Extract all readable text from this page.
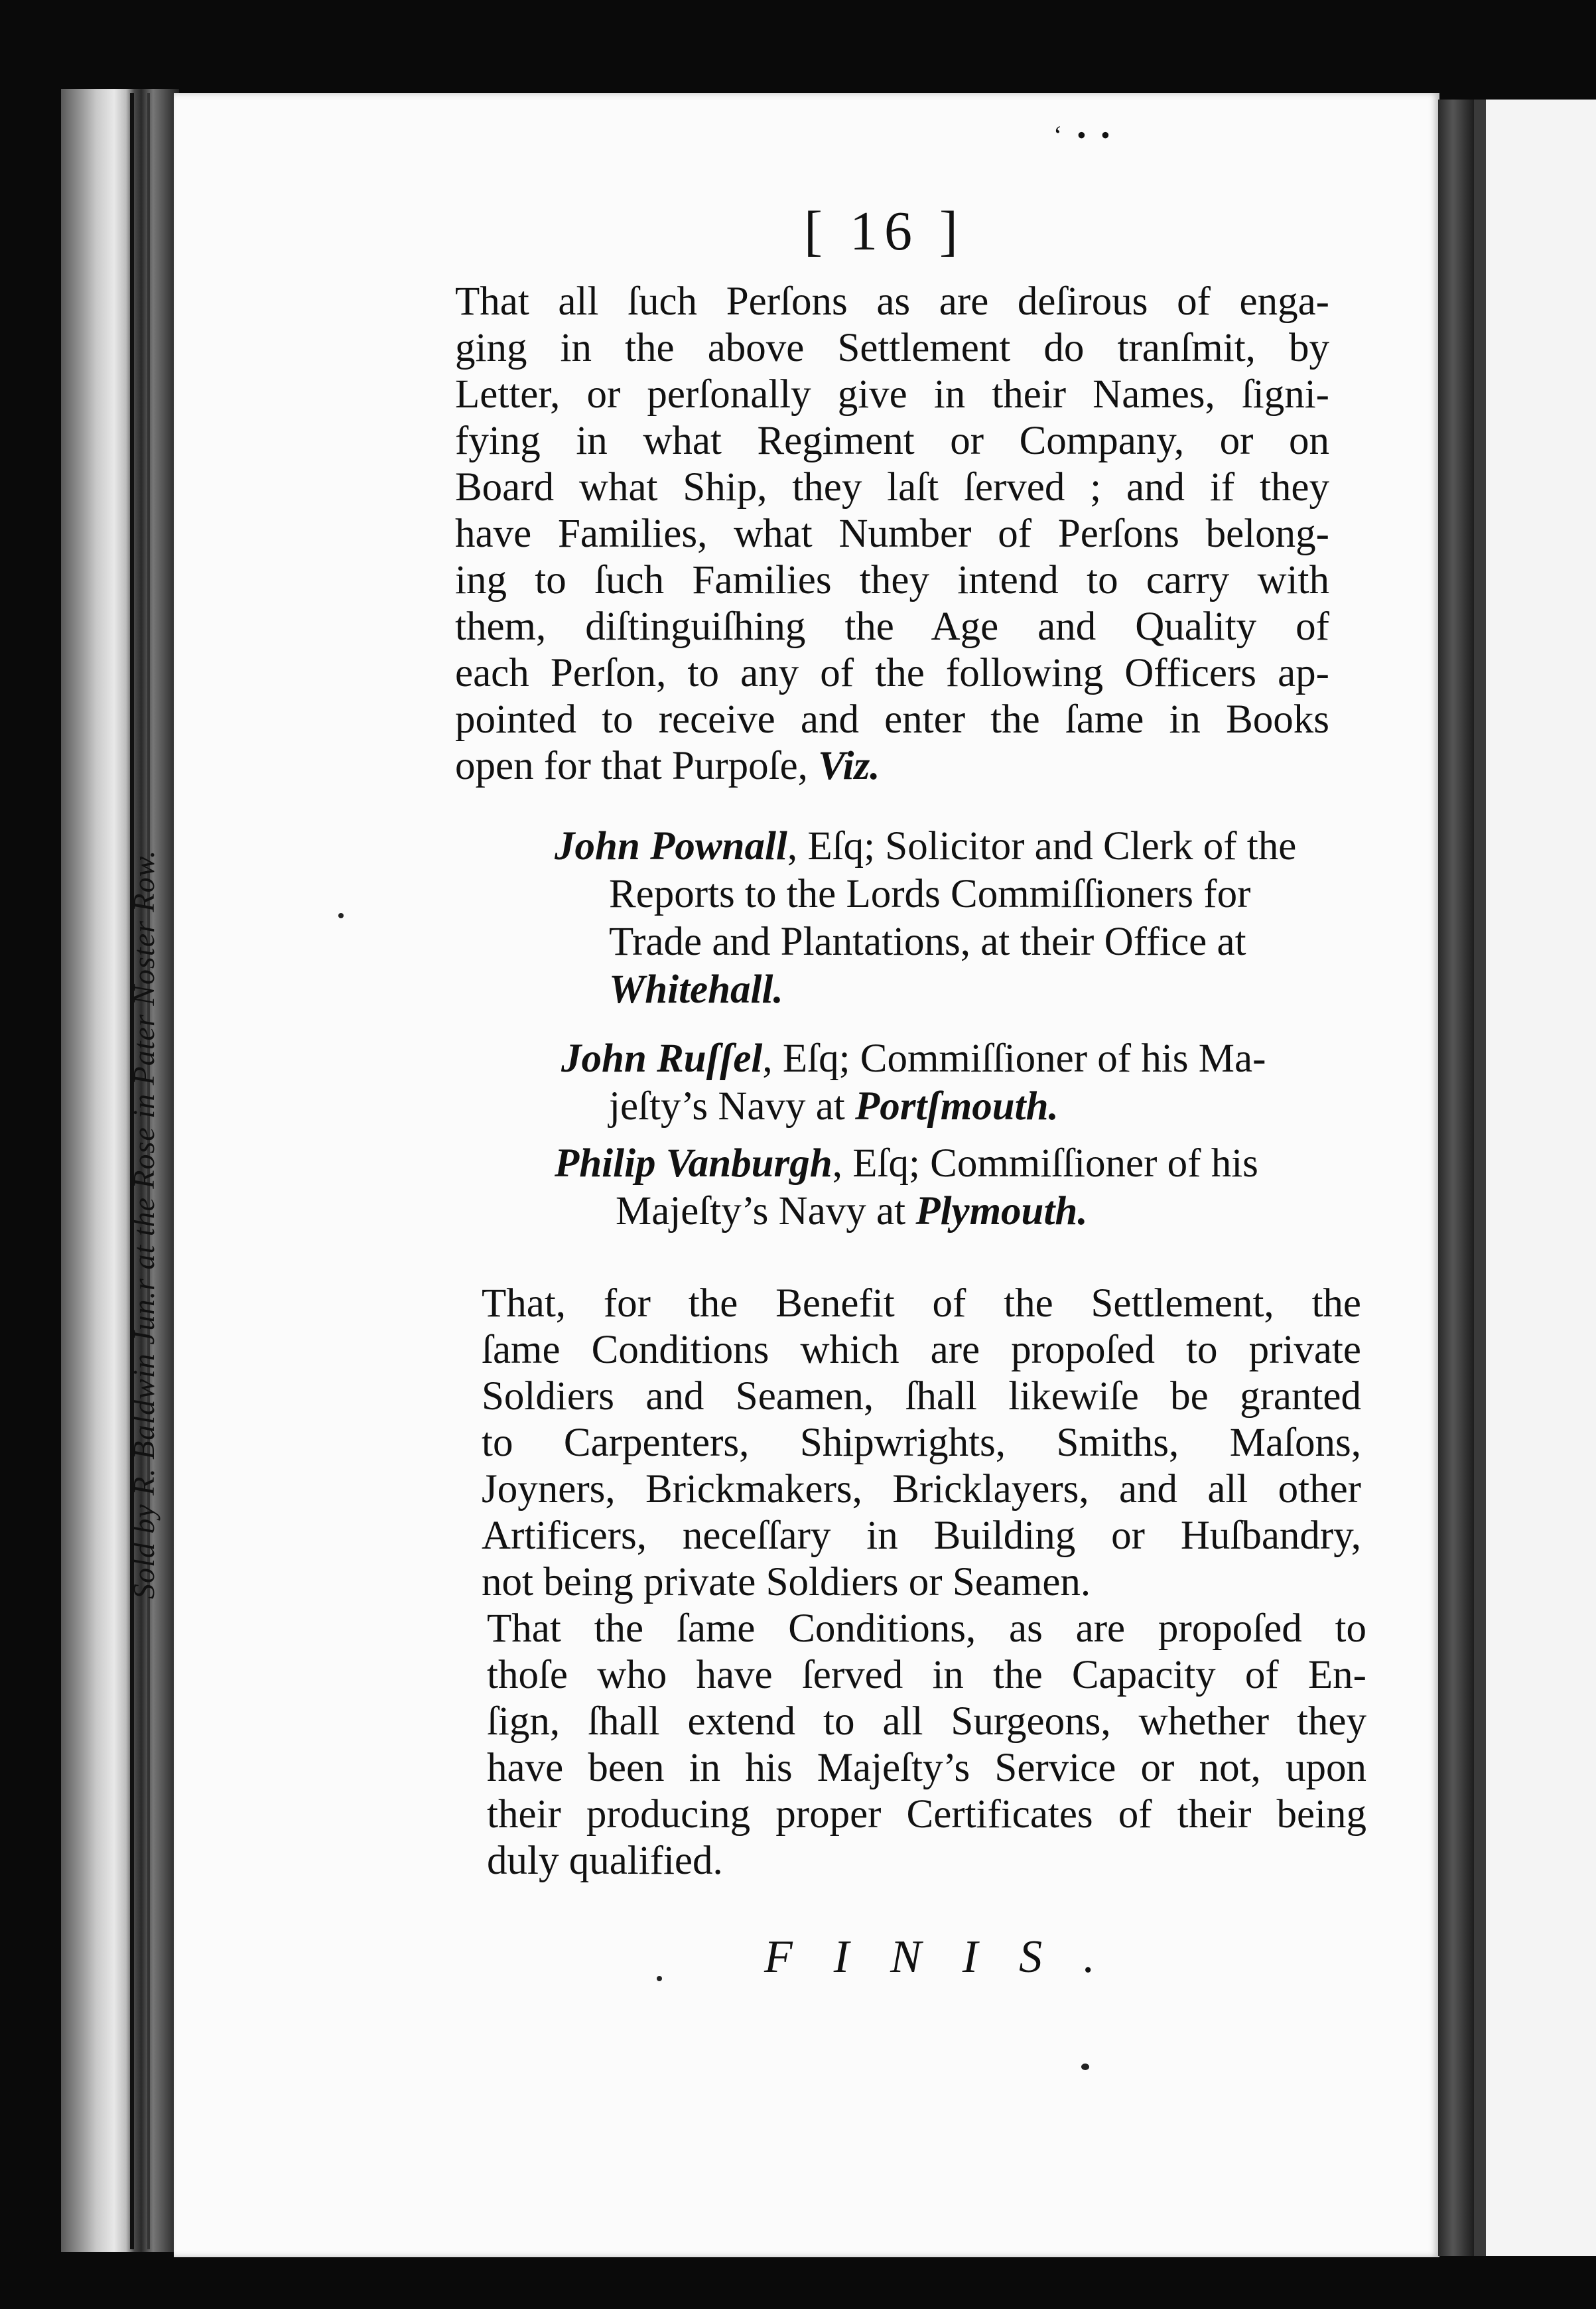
Sold by R. Baldwin Jun.r at the Rose in Pater Noster Row.
‘ • •
[ 16 ]
That all ſuch Perſons as are deſirous of enga-
ging in the above Settlement do tranſmit, by
Letter, or perſonally give in their Names, ſigni-
fying in what Regiment or Company, or on
Board what Ship, they laſt ſerved ; and if they
have Families, what Number of Perſons belong-
ing to ſuch Families they intend to carry with
them, diſtinguiſhing the Age and Quality of
each Perſon, to any of the following Officers ap-
pointed to receive and enter the ſame in Books
open for that Purpoſe, Viz.
John Pownall, Eſq; Solicitor and Clerk of the
Reports to the Lords Commiſſioners for
Trade and Plantations, at their Office at
Whitehall.
John Ruſſel, Eſq; Commiſſioner of his Ma-
jeſty’s Navy at Portſmouth.
Philip Vanburgh, Eſq; Commiſſioner of his
Majeſty’s Navy at Plymouth.
That, for the Benefit of the Settlement, the
ſame Conditions which are propoſed to private
Soldiers and Seamen, ſhall likewiſe be granted
to Carpenters, Shipwrights, Smiths, Maſons,
Joyners, Brickmakers, Bricklayers, and all other
Artificers, neceſſary in Building or Huſbandry,
not being private Soldiers or Seamen.
That the ſame Conditions, as are propoſed to
thoſe who have ſerved in the Capacity of En-
ſign, ſhall extend to all Surgeons, whether they
have been in his Majeſty’s Service or not, upon
their producing proper Certificates of their being
duly qualified.
FINIS.
